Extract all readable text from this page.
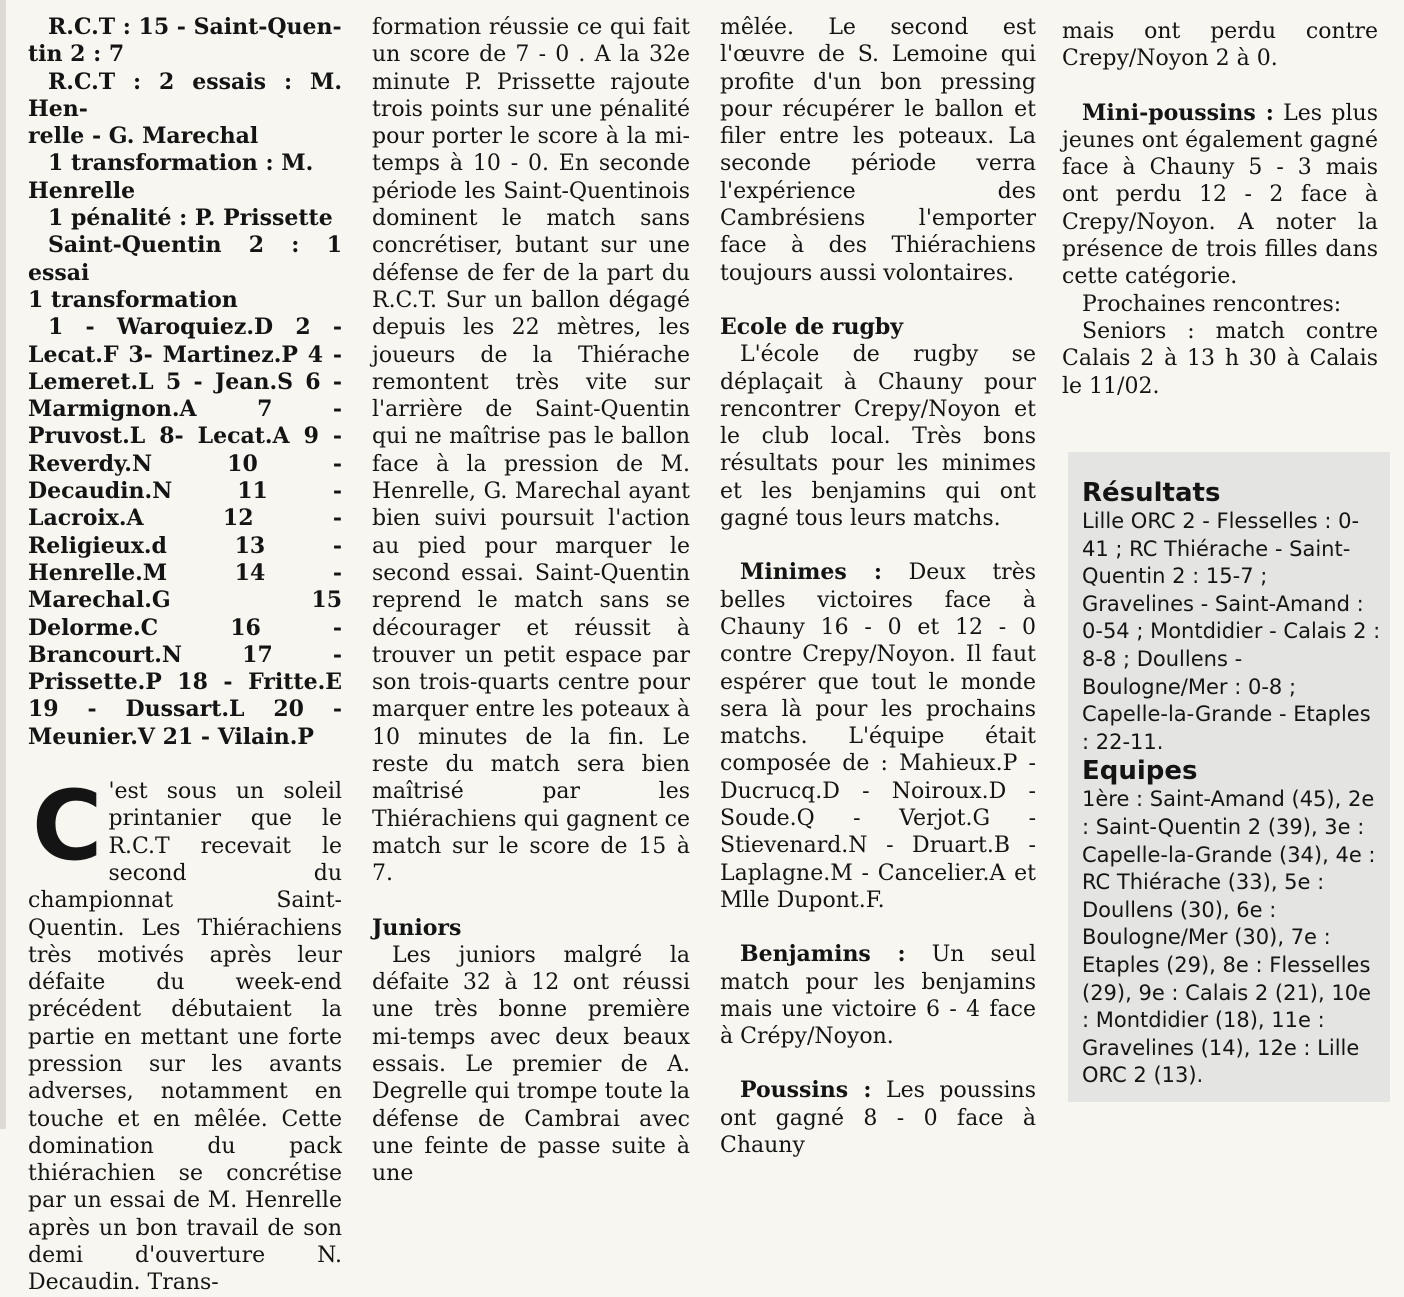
R.C.T : 15 - Saint-Quen-

tin 2 : 7

R.C.T : 2 essais : M. Hen-

relle - G. Marechal

1 transformation : M.

Henrelle

1 pénalité : P. Prissette

Saint-Quentin 2 : 1 essai

1 transformation

1 - Waroquiez.D 2 - Lecat.F 3- Martinez.P 4 - Lemeret.L 5 - Jean.S 6 - Marmignon.A 7 - Pruvost.L 8- Lecat.A 9 - Reverdy.N 10 - Decaudin.N 11 - Lacroix.A 12 - Religieux.d 13 - Henrelle.M 14 - Marechal.G 15 Delorme.C 16 - Brancourt.N 17 - Prissette.P 18 - Fritte.E 19 - Dussart.L 20 - Meunier.V 21 - Vilain.P

C 'est sous un soleil printanier que le R.C.T recevait le second du championnat Saint-Quentin. Les Thiérachiens très motivés après leur défaite du week-end précédent débutaient la partie en mettant une forte pression sur les avants adverses, notamment en touche et en mêlée. Cette domination du pack thiérachien se concrétise par un essai de M. Henrelle après un bon travail de son demi d'ouverture N. Decaudin. Trans-

formation réussie ce qui fait un score de 7 - 0 . A la 32e minute P. Prissette rajoute trois points sur une pénalité pour porter le score à la mi-temps à 10 - 0. En seconde période les Saint-Quentinois dominent le match sans concrétiser, butant sur une défense de fer de la part du R.C.T. Sur un ballon dégagé depuis les 22 mètres, les joueurs de la Thiérache remontent très vite sur l'arrière de Saint-Quentin qui ne maîtrise pas le ballon face à la pression de M. Henrelle, G. Marechal ayant bien suivi poursuit l'action au pied pour marquer le second essai. Saint-Quentin reprend le match sans se décourager et réussit à trouver un petit espace par son trois-quarts centre pour marquer entre les poteaux à 10 minutes de la fin. Le reste du match sera bien maîtrisé par les Thiérachiens qui gagnent ce match sur le score de 15 à 7.

Juniors

Les juniors malgré la défaite 32 à 12 ont réussi une très bonne première mi-temps avec deux beaux essais. Le premier de A. Degrelle qui trompe toute la défense de Cambrai avec une feinte de passe suite à une

mêlée. Le second est l'œuvre de S. Lemoine qui profite d'un bon pressing pour récupérer le ballon et filer entre les poteaux. La seconde période verra l'expérience des Cambrésiens l'emporter face à des Thiérachiens toujours aussi volontaires.

Ecole de rugby

L'école de rugby se déplaçait à Chauny pour rencontrer Crepy/Noyon et le club local. Très bons résultats pour les minimes et les benjamins qui ont gagné tous leurs matchs.

Minimes : Deux très belles victoires face à Chauny 16 - 0 et 12 - 0 contre Crepy/Noyon. Il faut espérer que tout le monde sera là pour les prochains matchs. L'équipe était composée de : Mahieux.P - Ducrucq.D - Noiroux.D - Soude.Q - Verjot.G - Stievenard.N - Druart.B - Laplagne.M - Cancelier.A et Mlle Dupont.F.

Benjamins : Un seul match pour les benjamins mais une victoire 6 - 4 face à Crépy/Noyon.

Poussins : Les poussins ont gagné 8 - 0 face à Chauny

mais ont perdu contre Crepy/Noyon 2 à 0.

Mini-poussins : Les plus jeunes ont également gagné face à Chauny 5 - 3 mais ont perdu 12 - 2 face à Crepy/Noyon. A noter la présence de trois filles dans cette catégorie.

Prochaines rencontres:

Seniors : match contre Calais 2 à 13 h 30 à Calais le 11/02.

Résultats
Lille ORC 2 - Flesselles : 0-41 ; RC Thiérache - Saint-Quentin 2 : 15-7 ; Gravelines - Saint-Amand : 0-54 ; Montdidier - Calais 2 : 8-8 ; Doullens - Boulogne/Mer : 0-8 ; Capelle-la-Grande - Etaples : 22-11.
Equipes
1ère : Saint-Amand (45), 2e : Saint-Quentin 2 (39), 3e : Capelle-la-Grande (34), 4e : RC Thiérache (33), 5e : Doullens (30), 6e : Boulogne/Mer (30), 7e : Etaples (29), 8e : Flesselles (29), 9e : Calais 2 (21), 10e : Montdidier (18), 11e : Gravelines (14), 12e : Lille ORC 2 (13).
